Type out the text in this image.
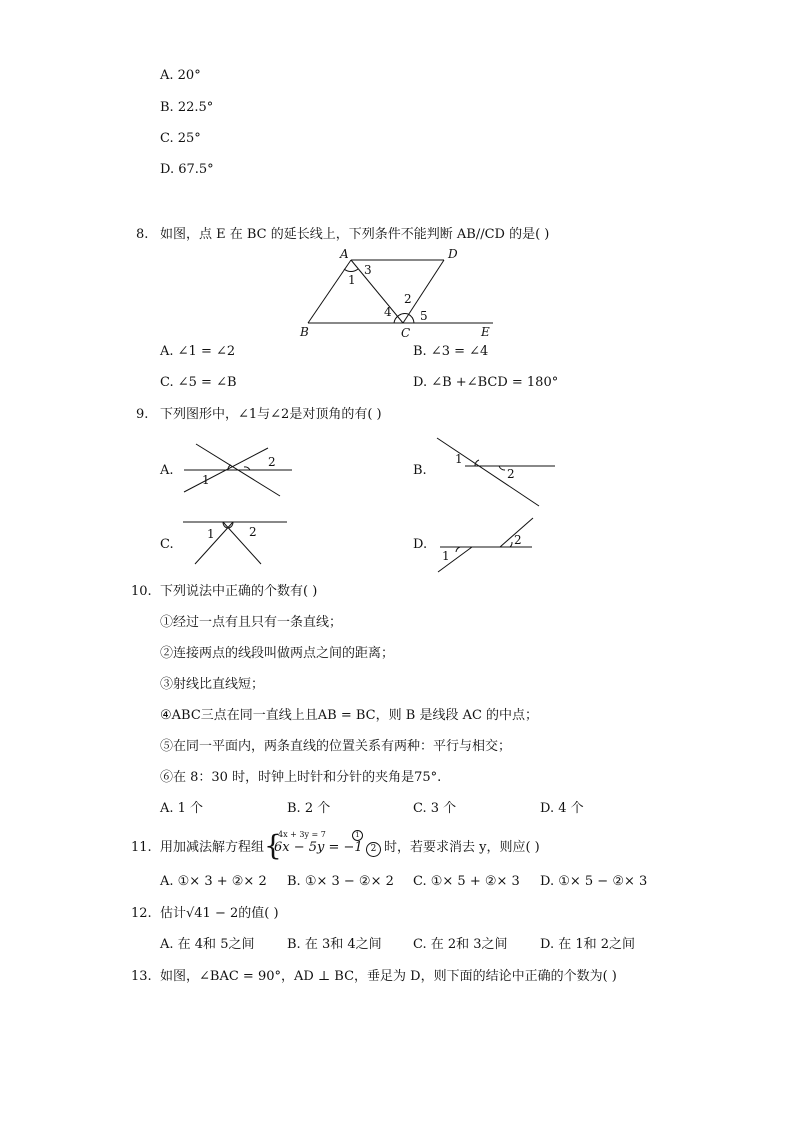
A. 20°
B. 22.5°
C. 25°
D. 67.5°
8. 如图，点 E 在 BC 的延长线上，下列条件不能判断 AB//CD 的是( )
A	D
B	C	E
1
3
2
4 5
A. ∠1 = ∠2	B. ∠3 = ∠4
C. ∠5 = ∠B	D. ∠B +∠BCD = 180°
9. 下列图形中，∠1与∠2是对顶角的有( )
A.
1
2
B.
1
2
C.
1	2
D.
1
2
10. 下列说法中正确的个数有( )
①经过一点有且只有一条直线；
②连接两点的线段叫做两点之间的距离；
③射线比直线短；
④ABC三点在同一直线上且AB = BC，则 B 是线段 AC 的中点；
⑤在同一平面内，两条直线的位置关系有两种：平行与相交；
⑥在 8：30 时，时钟上时针和分针的夹角是75°.
A. 1 个	B. 2 个	C. 3 个	D. 4 个
11. 用加减法解方程组 {
4x + 3y = 7	1
6x − 5y = −1 2 时，若要求消去 y，则应( )
A. ①× 3 + ②× 2 B. ①× 3 − ②× 2 C. ①× 5 + ②× 3 D. ①× 5 − ②× 3
12. 估计√41 − 2的值( )
A. 在 4和 5之间	B. 在 3和 4之间 C. 在 2和 3之间 D. 在 1和 2之间
13. 如图，∠BAC = 90°，AD ⊥ BC，垂足为 D，则下面的结论中正确的个数为( )
